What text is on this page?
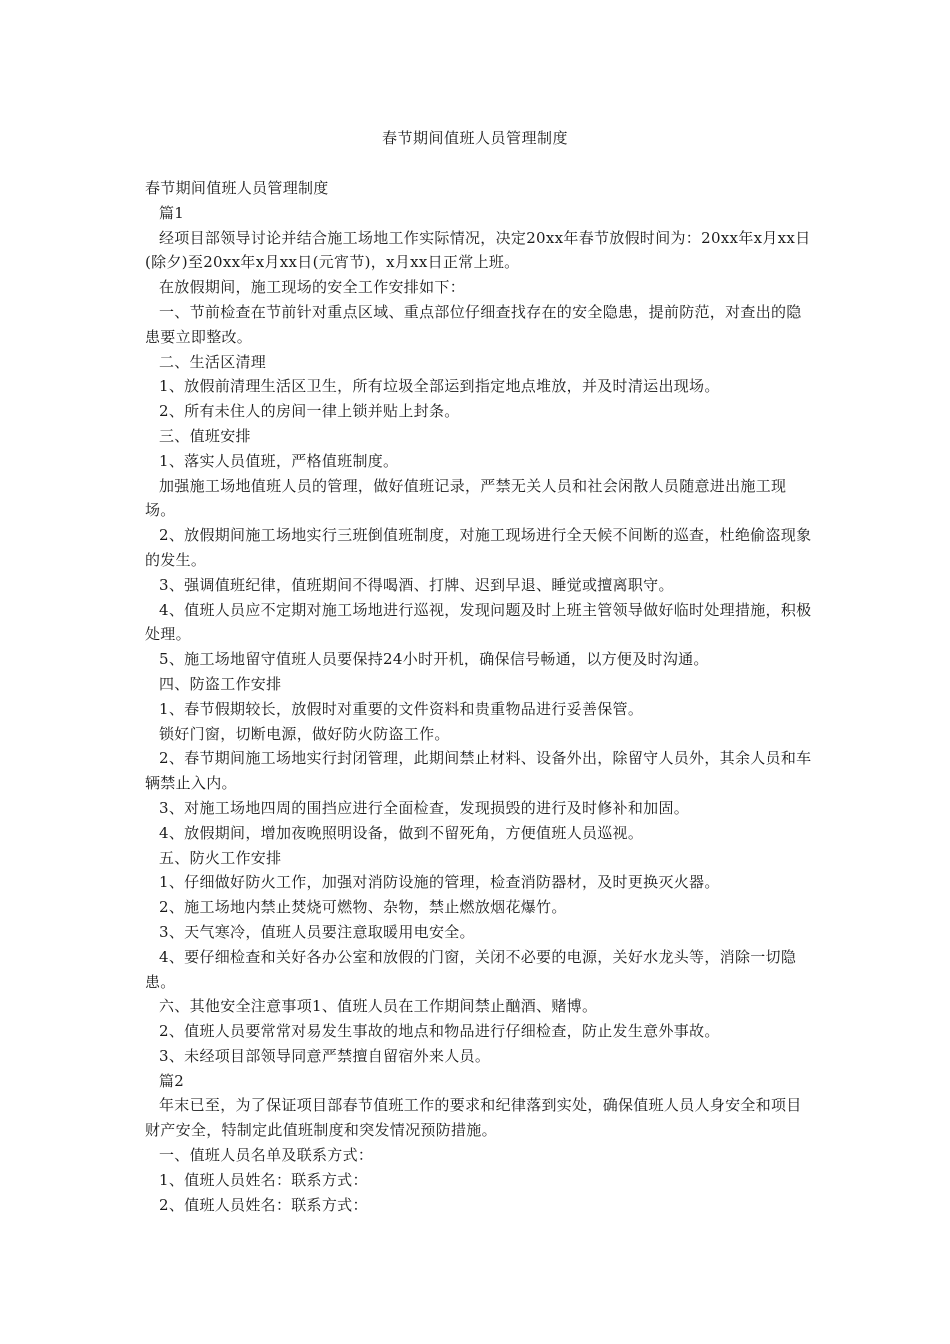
春节期间值班人员管理制度

春节期间值班人员管理制度

篇1

经项目部领导讨论并结合施工场地工作实际情况，决定20xx年春节放假时间为：20xx年x月xx日(除夕)至20xx年x月xx日(元宵节)，x月xx日正常上班。

在放假期间，施工现场的安全工作安排如下：

一、节前检查在节前针对重点区域、重点部位仔细查找存在的安全隐患，提前防范，对查出的隐患要立即整改。

二、生活区清理

1、放假前清理生活区卫生，所有垃圾全部运到指定地点堆放，并及时清运出现场。

2、所有未住人的房间一律上锁并贴上封条。

三、值班安排

1、落实人员值班，严格值班制度。

加强施工场地值班人员的管理，做好值班记录，严禁无关人员和社会闲散人员随意进出施工现场。

2、放假期间施工场地实行三班倒值班制度，对施工现场进行全天候不间断的巡查，杜绝偷盗现象的发生。

3、强调值班纪律，值班期间不得喝酒、打牌、迟到早退、睡觉或擅离职守。

4、值班人员应不定期对施工场地进行巡视，发现问题及时上班主管领导做好临时处理措施，积极处理。

5、施工场地留守值班人员要保持24小时开机，确保信号畅通，以方便及时沟通。

四、防盗工作安排

1、春节假期较长，放假时对重要的文件资料和贵重物品进行妥善保管。

锁好门窗，切断电源，做好防火防盗工作。

2、春节期间施工场地实行封闭管理，此期间禁止材料、设备外出，除留守人员外，其余人员和车辆禁止入内。

3、对施工场地四周的围挡应进行全面检查，发现损毁的进行及时修补和加固。

4、放假期间，增加夜晚照明设备，做到不留死角，方便值班人员巡视。

五、防火工作安排

1、仔细做好防火工作，加强对消防设施的管理，检查消防器材，及时更换灭火器。

2、施工场地内禁止焚烧可燃物、杂物，禁止燃放烟花爆竹。

3、天气寒冷，值班人员要注意取暖用电安全。

4、要仔细检查和关好各办公室和放假的门窗，关闭不必要的电源，关好水龙头等，消除一切隐患。

六、其他安全注意事项1、值班人员在工作期间禁止酗酒、赌博。

2、值班人员要常常对易发生事故的地点和物品进行仔细检查，防止发生意外事故。

3、未经项目部领导同意严禁擅自留宿外来人员。

篇2

年末已至，为了保证项目部春节值班工作的要求和纪律落到实处，确保值班人员人身安全和项目财产安全，特制定此值班制度和突发情况预防措施。

一、值班人员名单及联系方式：

1、值班人员姓名：联系方式：

2、值班人员姓名：联系方式：
